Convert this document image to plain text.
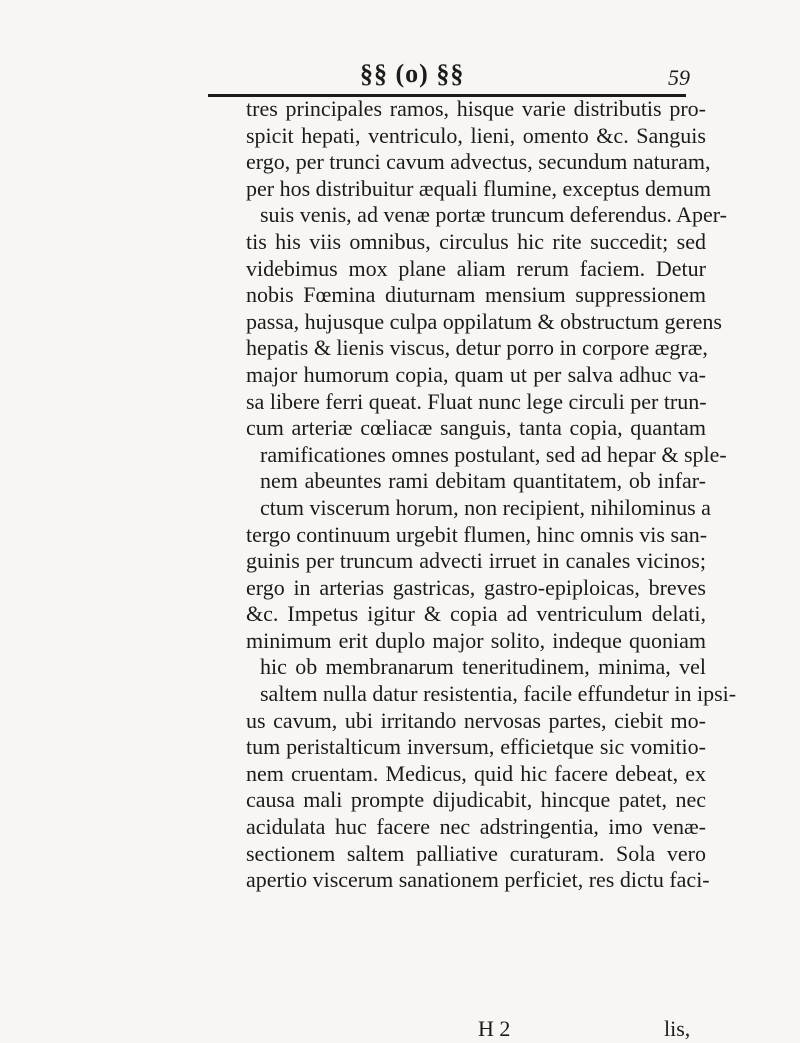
§§ (o) §§	59
tres principales ramos, hisque varie distributis pro-
spicit hepati, ventriculo, lieni, omento &c. Sanguis
ergo, per trunci cavum advectus, secundum naturam,
per hos distribuitur æquali flumine, exceptus demum
suis venis, ad venæ portæ truncum deferendus. Aper-
tis his viis omnibus, circulus hic rite succedit; sed
videbimus mox plane aliam rerum faciem. Detur
nobis Fœmina diuturnam mensium suppressionem
passa, hujusque culpa oppilatum & obstructum gerens
hepatis & lienis viscus, detur porro in corpore ægræ,
major humorum copia, quam ut per salva adhuc va-
sa libere ferri queat. Fluat nunc lege circuli per trun-
cum arteriæ cœliacæ sanguis, tanta copia, quantam
ramificationes omnes postulant, sed ad hepar & sple-
nem abeuntes rami debitam quantitatem, ob infar-
ctum viscerum horum, non recipient, nihilominus a
tergo continuum urgebit flumen, hinc omnis vis san-
guinis per truncum advecti irruet in canales vicinos;
ergo in arterias gastricas, gastro-epiploicas, breves
&c. Impetus igitur & copia ad ventriculum delati,
minimum erit duplo major solito, indeque quoniam
hic ob membranarum teneritudinem, minima, vel
saltem nulla datur resistentia, facile effundetur in ipsi-
us cavum, ubi irritando nervosas partes, ciebit mo-
tum peristalticum inversum, efficietque sic vomitio-
nem cruentam. Medicus, quid hic facere debeat, ex
causa mali prompte dijudicabit, hincque patet, nec
acidulata huc facere nec adstringentia, imo venæ-
sectionem saltem palliative curaturam. Sola vero
apertio viscerum sanationem perficiet, res dictu faci-
H 2	lis,
